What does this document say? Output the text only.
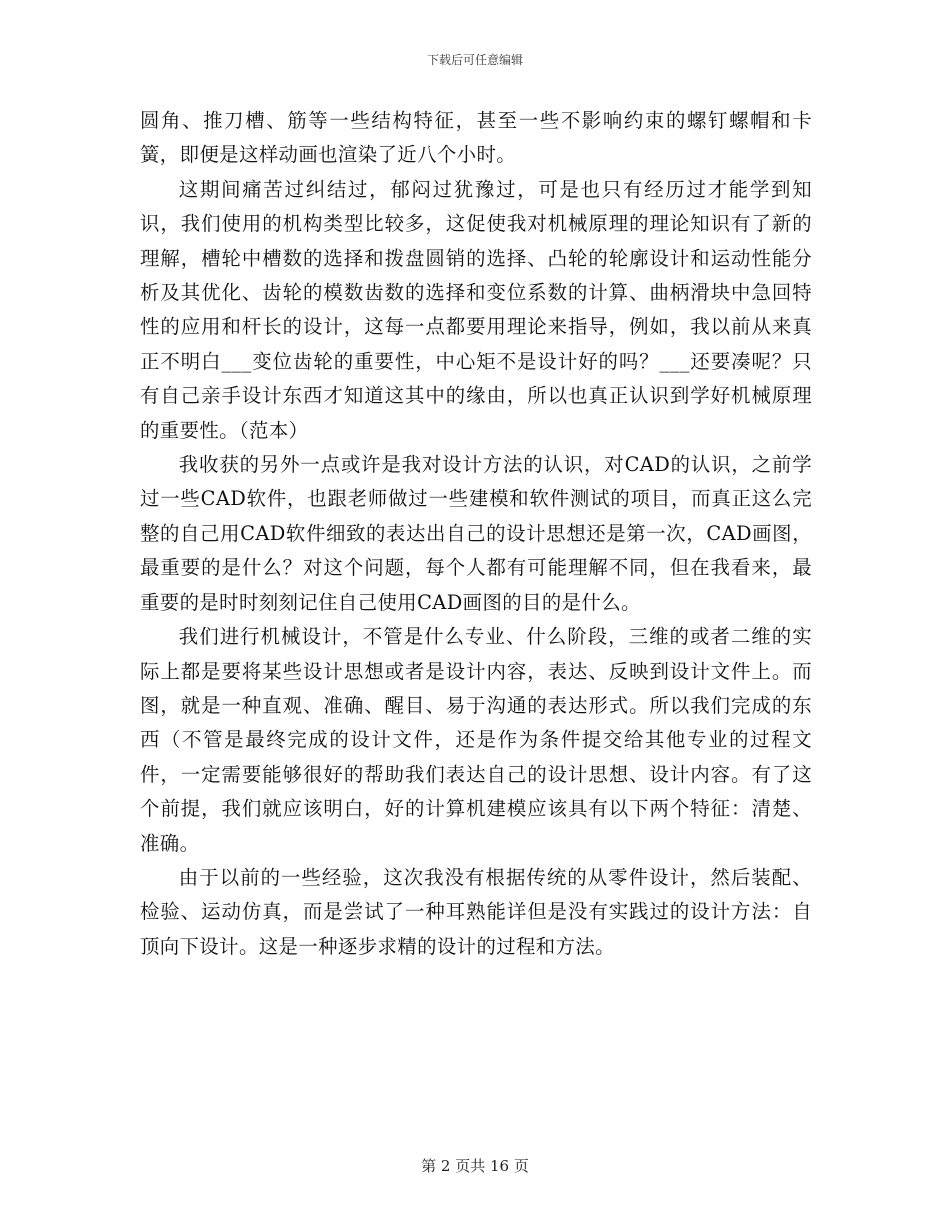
下载后可任意编辑

圆角、推刀槽、筋等一些结构特征，甚至一些不影响约束的螺钉螺帽和卡簧，即便是这样动画也渲染了近八个小时。

这期间痛苦过纠结过，郁闷过犹豫过，可是也只有经历过才能学到知识，我们使用的机构类型比较多，这促使我对机械原理的理论知识有了新的理解，槽轮中槽数的选择和拨盘圆销的选择、凸轮的轮廓设计和运动性能分析及其优化、齿轮的模数齿数的选择和变位系数的计算、曲柄滑块中急回特性的应用和杆长的设计，这每一点都要用理论来指导，例如，我以前从来真正不明白___变位齿轮的重要性，中心矩不是设计好的吗？___还要凑呢？只有自己亲手设计东西才知道这其中的缘由，所以也真正认识到学好机械原理的重要性。（范本）

我收获的另外一点或许是我对设计方法的认识，对CAD的认识，之前学过一些CAD软件，也跟老师做过一些建模和软件测试的项目，而真正这么完整的自己用CAD软件细致的表达出自己的设计思想还是第一次，CAD画图，最重要的是什么？对这个问题，每个人都有可能理解不同，但在我看来，最重要的是时时刻刻记住自己使用CAD画图的目的是什么。

我们进行机械设计，不管是什么专业、什么阶段，三维的或者二维的实际上都是要将某些设计思想或者是设计内容，表达、反映到设计文件上。而图，就是一种直观、准确、醒目、易于沟通的表达形式。所以我们完成的东西（不管是最终完成的设计文件，还是作为条件提交给其他专业的过程文件，一定需要能够很好的帮助我们表达自己的设计思想、设计内容。有了这个前提，我们就应该明白，好的计算机建模应该具有以下两个特征：清楚、准确。

由于以前的一些经验，这次我没有根据传统的从零件设计，然后装配、检验、运动仿真，而是尝试了一种耳熟能详但是没有实践过的设计方法：自顶向下设计。这是一种逐步求精的设计的过程和方法。

第 2 页共 16 页
